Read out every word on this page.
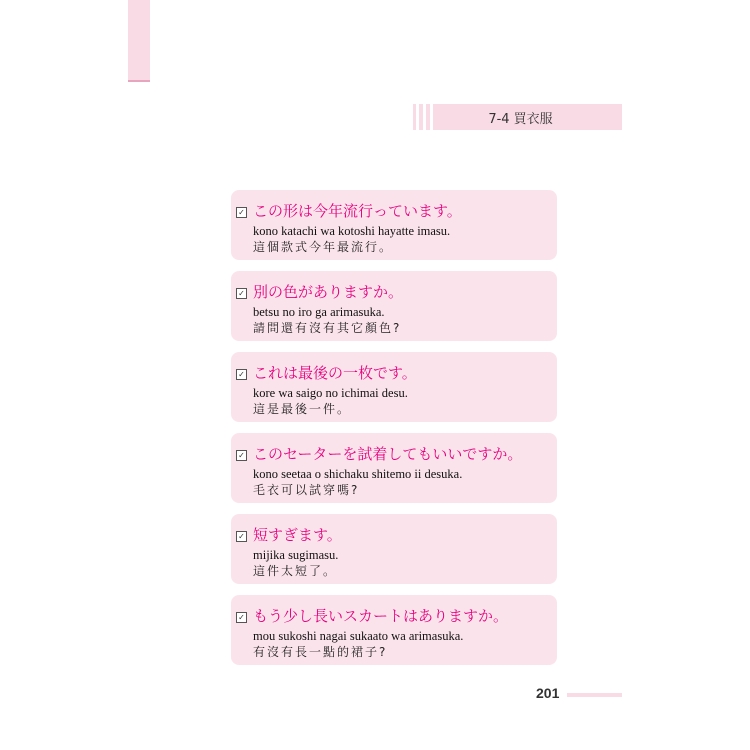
7-4 買衣服
✓ この形は今年流行っています。
kono katachi wa kotoshi hayatte imasu.
這個款式今年最流行。
✓ 別の色がありますか。
betsu no iro ga arimasuka.
請問還有沒有其它顏色?
✓ これは最後の一枚です。
kore wa saigo no ichimai desu.
這是最後一件。
✓ このセーターを試着してもいいですか。
kono seetaa o shichaku shitemo ii desuka.
毛衣可以試穿嗎?
✓ 短すぎます。
mijika sugimasu.
這件太短了。
✓ もう少し長いスカートはありますか。
mou sukoshi nagai sukaato wa arimasuka.
有沒有長一點的裙子?
201
